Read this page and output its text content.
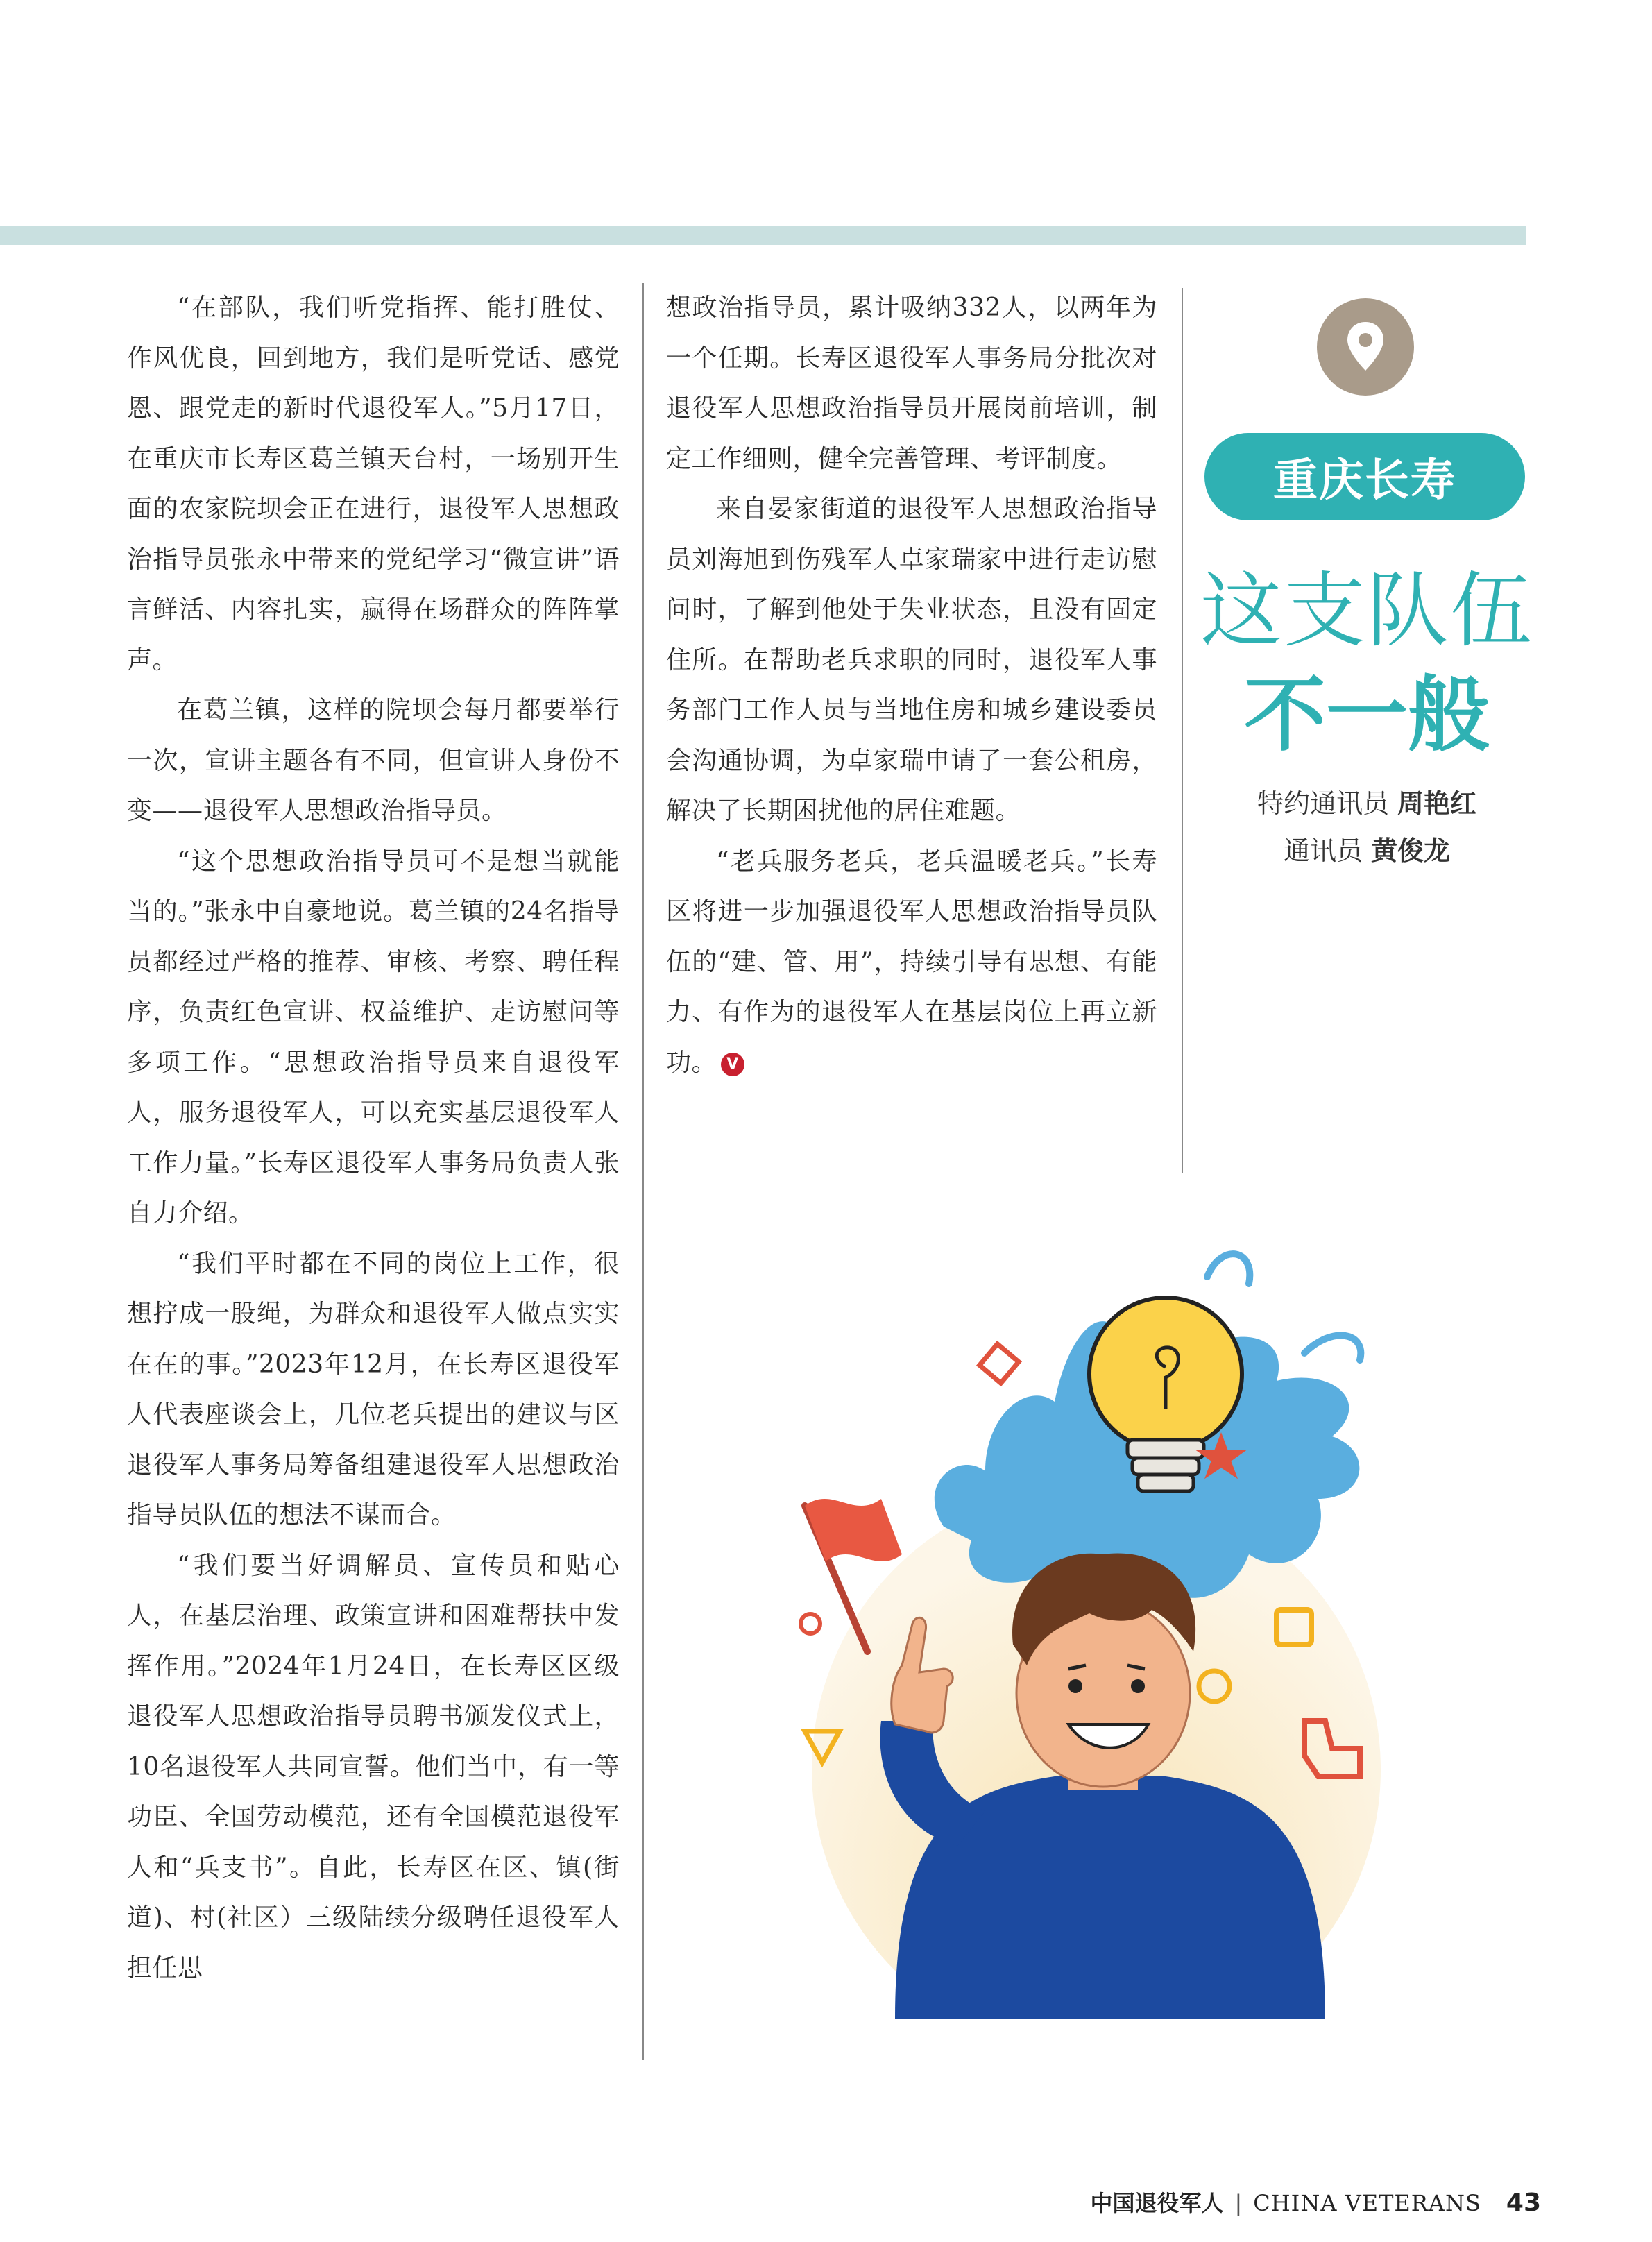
“在部队，我们听党指挥、能打胜仗、作风优良，回到地方，我们是听党话、感党恩、跟党走的新时代退役军人。”5月17日，在重庆市长寿区葛兰镇天台村，一场别开生面的农家院坝会正在进行，退役军人思想政治指导员张永中带来的党纪学习“微宣讲”语言鲜活、内容扎实，赢得在场群众的阵阵掌声。

在葛兰镇，这样的院坝会每月都要举行一次，宣讲主题各有不同，但宣讲人身份不变——退役军人思想政治指导员。

“这个思想政治指导员可不是想当就能当的。”张永中自豪地说。葛兰镇的24名指导员都经过严格的推荐、审核、考察、聘任程序，负责红色宣讲、权益维护、走访慰问等多项工作。“思想政治指导员来自退役军人，服务退役军人，可以充实基层退役军人工作力量。”长寿区退役军人事务局负责人张自力介绍。

“我们平时都在不同的岗位上工作，很想拧成一股绳，为群众和退役军人做点实实在在的事。”2023年12月，在长寿区退役军人代表座谈会上，几位老兵提出的建议与区退役军人事务局筹备组建退役军人思想政治指导员队伍的想法不谋而合。

“我们要当好调解员、宣传员和贴心人，在基层治理、政策宣讲和困难帮扶中发挥作用。”2024年1月24日，在长寿区区级退役军人思想政治指导员聘书颁发仪式上，10名退役军人共同宣誓。他们当中，有一等功臣、全国劳动模范，还有全国模范退役军人和“兵支书”。自此，长寿区在区、镇(街道)、村(社区）三级陆续分级聘任退役军人担任思

想政治指导员，累计吸纳332人，以两年为一个任期。长寿区退役军人事务局分批次对退役军人思想政治指导员开展岗前培训，制定工作细则，健全完善管理、考评制度。

来自晏家街道的退役军人思想政治指导员刘海旭到伤残军人卓家瑞家中进行走访慰问时，了解到他处于失业状态，且没有固定住所。在帮助老兵求职的同时，退役军人事务部门工作人员与当地住房和城乡建设委员会沟通协调，为卓家瑞申请了一套公租房，解决了长期困扰他的居住难题。

“老兵服务老兵，老兵温暖老兵。”长寿区将进一步加强退役军人思想政治指导员队伍的“建、管、用”，持续引导有思想、有能力、有作为的退役军人在基层岗位上再立新功。 V

重庆长寿
这支队伍
不一般
特约通讯员 周艳红
通讯员 黄俊龙
中国退役军人 | CHINA VETERANS 43
